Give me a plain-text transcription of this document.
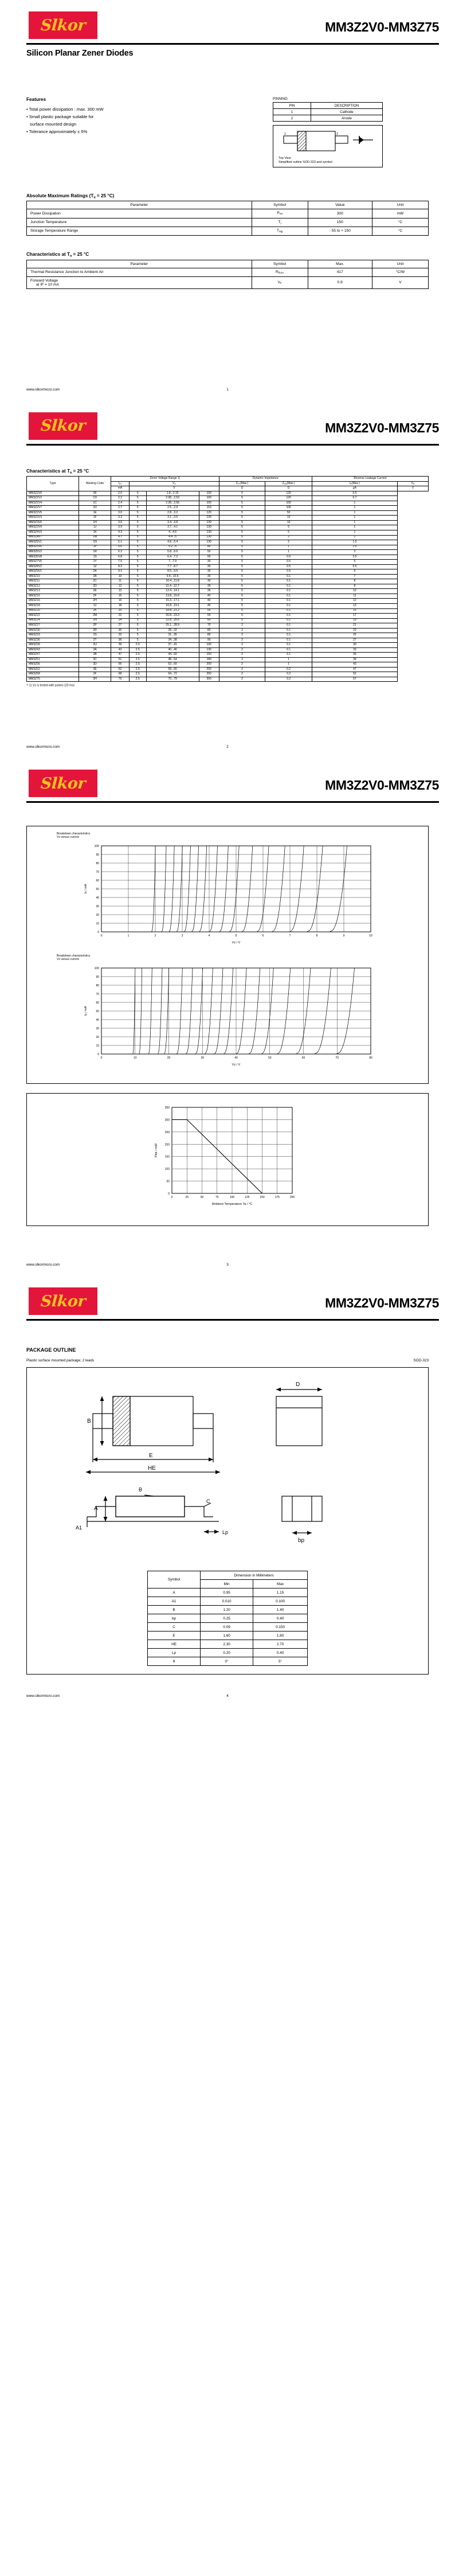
Slkor	MM3Z2V0-MM3Z75
Silicon Planar Zener Diodes
Features
• Total power dissipation : max. 300 mW
• Small plastic package suitable for
surface mounted design
• Tolerance approximately ± 5%
PINNING
PIN	DESCRIPTION
1	Cathode
2	Anode
1	2
Top View
Simplified outline SOD-323 and symbol
Absolute Maximum Ratings ($T_a = 25$ °C)
Parameter	Symbol	Value	Unit
Power Dissipation	$P_{tot}$	300	mW
Junction Temperature	$T_j$	150	°C
Storage Temperature Range	$T_{stg}$	- 55 to + 150	°C
Characteristics at $T_a = 25$ °C
Parameter	Symbol	Max.	Unit
Thermal Resistance Junction to Ambient Air	$R_{thJA}$	417	°C/W

Forward Voltage
at IF = 10 mA	$V_F$	0.9	V
www.slkormicro.com	1
Slkor	MM3Z2V0-MM3Z75
Characteristics at $T_a = 25$ °C
Type	Marking Code	Zener Voltage Range 1)				Dynamic Impedance		Reverse Leakage Current	
		$I_{ZT}$	$V_Z$			$Z_{ZT}(Max.)$	$Z_{ZK}(Max.)$	$I_R(Max.)$	$V_R$
		mA	V			Ω	Ω	µA	V
MM3Z2V0	90	2.0	5	1.8...2.15	100	5	120	0.5	
MM3Z2V2	C0	2.2	5	2.08...2.53	100	5	120	0.7	
MM3Z2V4	1C	2.4	5	2.28...2.56	100	5	100	1	
MM3Z2V7	1D	2.7	5	2.5...2.9	110	5	100	1	
MM3Z2V5	1E	3.0	5	2.8...3.2	120	5	50	1	
MM3Z3V3	1F	3.3	5	3.1...3.5	130	5	10	1	
MM3Z3V6	1H	3.6	5	3.4...3.8	130	5	10	1	
MM3Z3V9	1J	3.9	5	3.7...4.1	130	5	5	1	
MM3Z4V3	1K	4.3	5	4...4.6	130	5	5	1	
MM3ZAV7	1M	4.7	5	4.4...5	130	5	2	1	
MM3Z5V1	1N	5.1	5	4.8...5.4	130	5	2	1.5	
MM3Z5V6	1P	5.6	5	5.2...6	80	5	1	2.5	
MM3Z6V2	1R	6.2	5	5.8...6.6	50	5	1	3	
MM3Z6V8	1S	6.8	5	6.4...7.2	50	5	0.5	3.5	
MM3Z7V5	1Y	7.5	5	7...7.9	30	5	0.5	5	
MM3Z8V2	1Z	8.2	5	7.7...8.7	30	5	0.5	5.5	
MM3Z9V1	2A	9.1	5	8.5...9.6	30	5	0.5	6	
MM3Z10	2B	10	5	9.4...10.6	30	5	0.1	7	
MM3Z11	2C	11	5	10.4...11.8	30	5	0.1	8	
MM3Z12	2D	12	5	11.4...12.7	35	5	0.1	8	
MM3Z13	2E	13	5	12.4...14.1	35	5	0.1	10	
MM3Z15	2F	15	5	13.8...15.6	40	5	0.1	11	
MM3Z16	2H	16	5	15.3...17.1	40	5	0.1	12	
MM3Z18	2J	18	5	16.8...19.1	45	5	0.1	13	
MM3Z20	2K	20	5	18.8...21.2	55	5	0.1	15	
MM3Z22	2M	22	5	20.8...23.3	55	5	0.1	17	
MM3Z24	2N	24	5	22.8...25.6	60	5	0.1	19	
MM3Z27	2P	27	5	25.1...28.9	70	2	0.1	21	
MM3Z30	2R	30	5	28...32	80	2	0.1	23	
MM3Z33	2S	33	5	31...35	80	2	0.1	25	
MM3Z36	2T	36	5	34...38	90	2	0.1	27	
MM3Z39	2U	39	2.5	37...41	100	2	0.1	30	
MM3Z43	3A	43	2.5	40...46	130	2	0.1	33	
MM3Z47	3B	47	2.5	44...50	150	2	0.1	36	
MM3Z51	3C	51	2.5	48...54	180	2	1	39	
MM3Z56	3D	56	2.5	52...60	200	2	1	43	
MM3Z62	3E	62	2.5	58...66	200	2	0.2	47	
MM3Z68	3F	68	2.5	64...72	250	2	0.2	52	
MM3Z75	3H	75	2.5	70...79	300	2	0.2	57	
$^{1)}$ 1) Vz is tested with pulses (20 ms).
www.slkormicro.com	2
Slkor	MM3Z2V0-MM3Z75
Breakdown characteristics
Vz versus current
0	1	2	3	4	5	6	7	8	9	10
0
10
20
30
40
50
60
70
80
90
100
Vz / V
Iz / mA
Breakdown characteristics
Vz versus current
0	10	20	30	40	50	60	70	80
0
10
20
30
40
50
60
70
80
90
100
Vz / V
Iz / mA
0	25	50	75	100	125	150	175	200
0
50
100
150
200
250
300
350
Ambient Temperature Ta / °C
Ptot / mW
www.slkormicro.com	3
Slkor	MM3Z2V0-MM3Z75
PACKAGE OUTLINE
Plastic surface mounted package; 2 leads	SOD-323
E
HE
B
D
A
A1
C
Lp
θ
bp
Symbol	Dimension in Millimeters	
	Min	Max
A	0.95	1.15
A1	0.010	0.100
B	1.20	1.40
bp	0.25	0.40
C	0.09	0.150
E	1.60	1.80
HE	2.30	2.70
Lp	0.20	0.40
θ	0°	5°
www.slkormicro.com	4
